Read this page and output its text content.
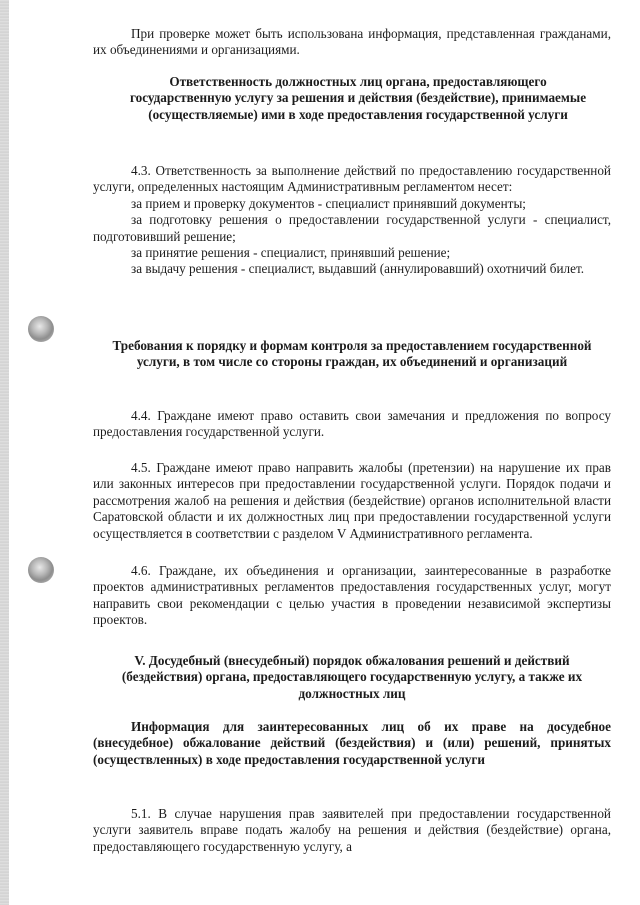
При проверке может быть использована информация, представленная гражданами, их объединениями и организациями.

Ответственность должностных лиц органа, предоставляющего государственную услугу за решения и действия (бездействие), принимаемые (осуществляемые) ими в ходе предоставления государственной услуги

4.3. Ответственность за выполнение действий по предоставлению государственной услуги, определенных настоящим Административным регламентом несет:

за прием и проверку документов - специалист принявший документы;

за подготовку решения о предоставлении государственной услуги - специалист, подготовивший решение;

за принятие решения - специалист, принявший решение;

за выдачу решения - специалист, выдавший (аннулировавший) охотничий билет.

Требования к порядку и формам контроля за предоставлением государственной услуги, в том числе со стороны граждан, их объединений и организаций

4.4. Граждане имеют право оставить свои замечания и предложения по вопросу предоставления государственной услуги.

4.5. Граждане имеют право направить жалобы (претензии) на нарушение их прав или законных интересов при предоставлении государственной услуги. Порядок подачи и рассмотрения жалоб на решения и действия (бездействие) органов исполнительной власти Саратовской области и их должностных лиц при предоставлении государственной услуги осуществляется в соответствии с разделом V Административного регламента.

4.6. Граждане, их объединения и организации, заинтересованные в разработке проектов административных регламентов предоставления государственных услуг, могут направить свои рекомендации с целью участия в проведении независимой экспертизы проектов.

V. Досудебный (внесудебный) порядок обжалования решений и действий (бездействия) органа, предоставляющего государственную услугу, а также их должностных лиц

Информация для заинтересованных лиц об их праве на досудебное (внесудебное) обжалование действий (бездействия) и (или) решений, принятых (осуществленных) в ходе предоставления государственной услуги

5.1. В случае нарушения прав заявителей при предоставлении государственной услуги заявитель вправе подать жалобу на решения и действия (бездействие) органа, предоставляющего государственную услугу, а
